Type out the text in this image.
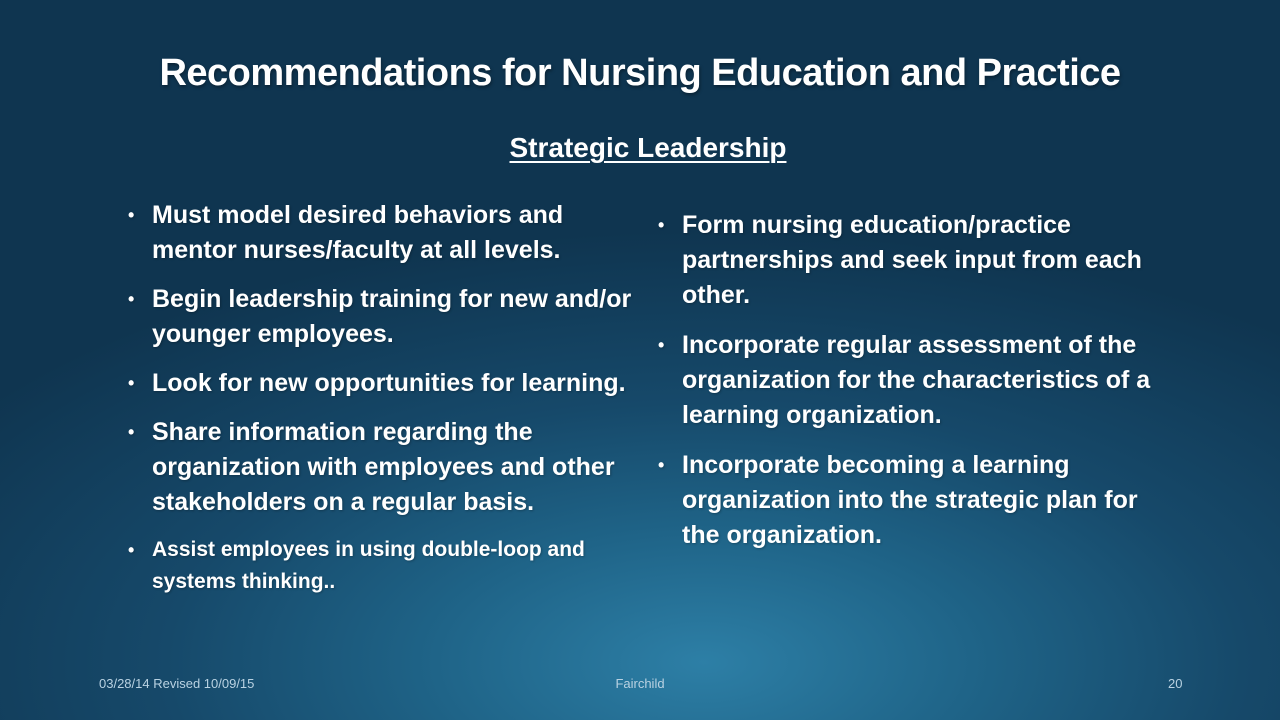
Recommendations for Nursing Education and Practice
Strategic Leadership
• Must model desired behaviors and mentor nurses/faculty at all levels.
• Begin leadership training for new and/or younger employees.
• Look for new opportunities for learning.
• Share information regarding the organization with employees and other stakeholders on a regular basis.
• Assist employees in using double-loop and systems thinking..
• Form nursing education/practice partnerships and seek input from each other.
• Incorporate regular assessment of the organization for the characteristics of a learning organization.
• Incorporate becoming a learning organization into the strategic plan for the organization.
03/28/14 Revised 10/09/15	Fairchild	20
